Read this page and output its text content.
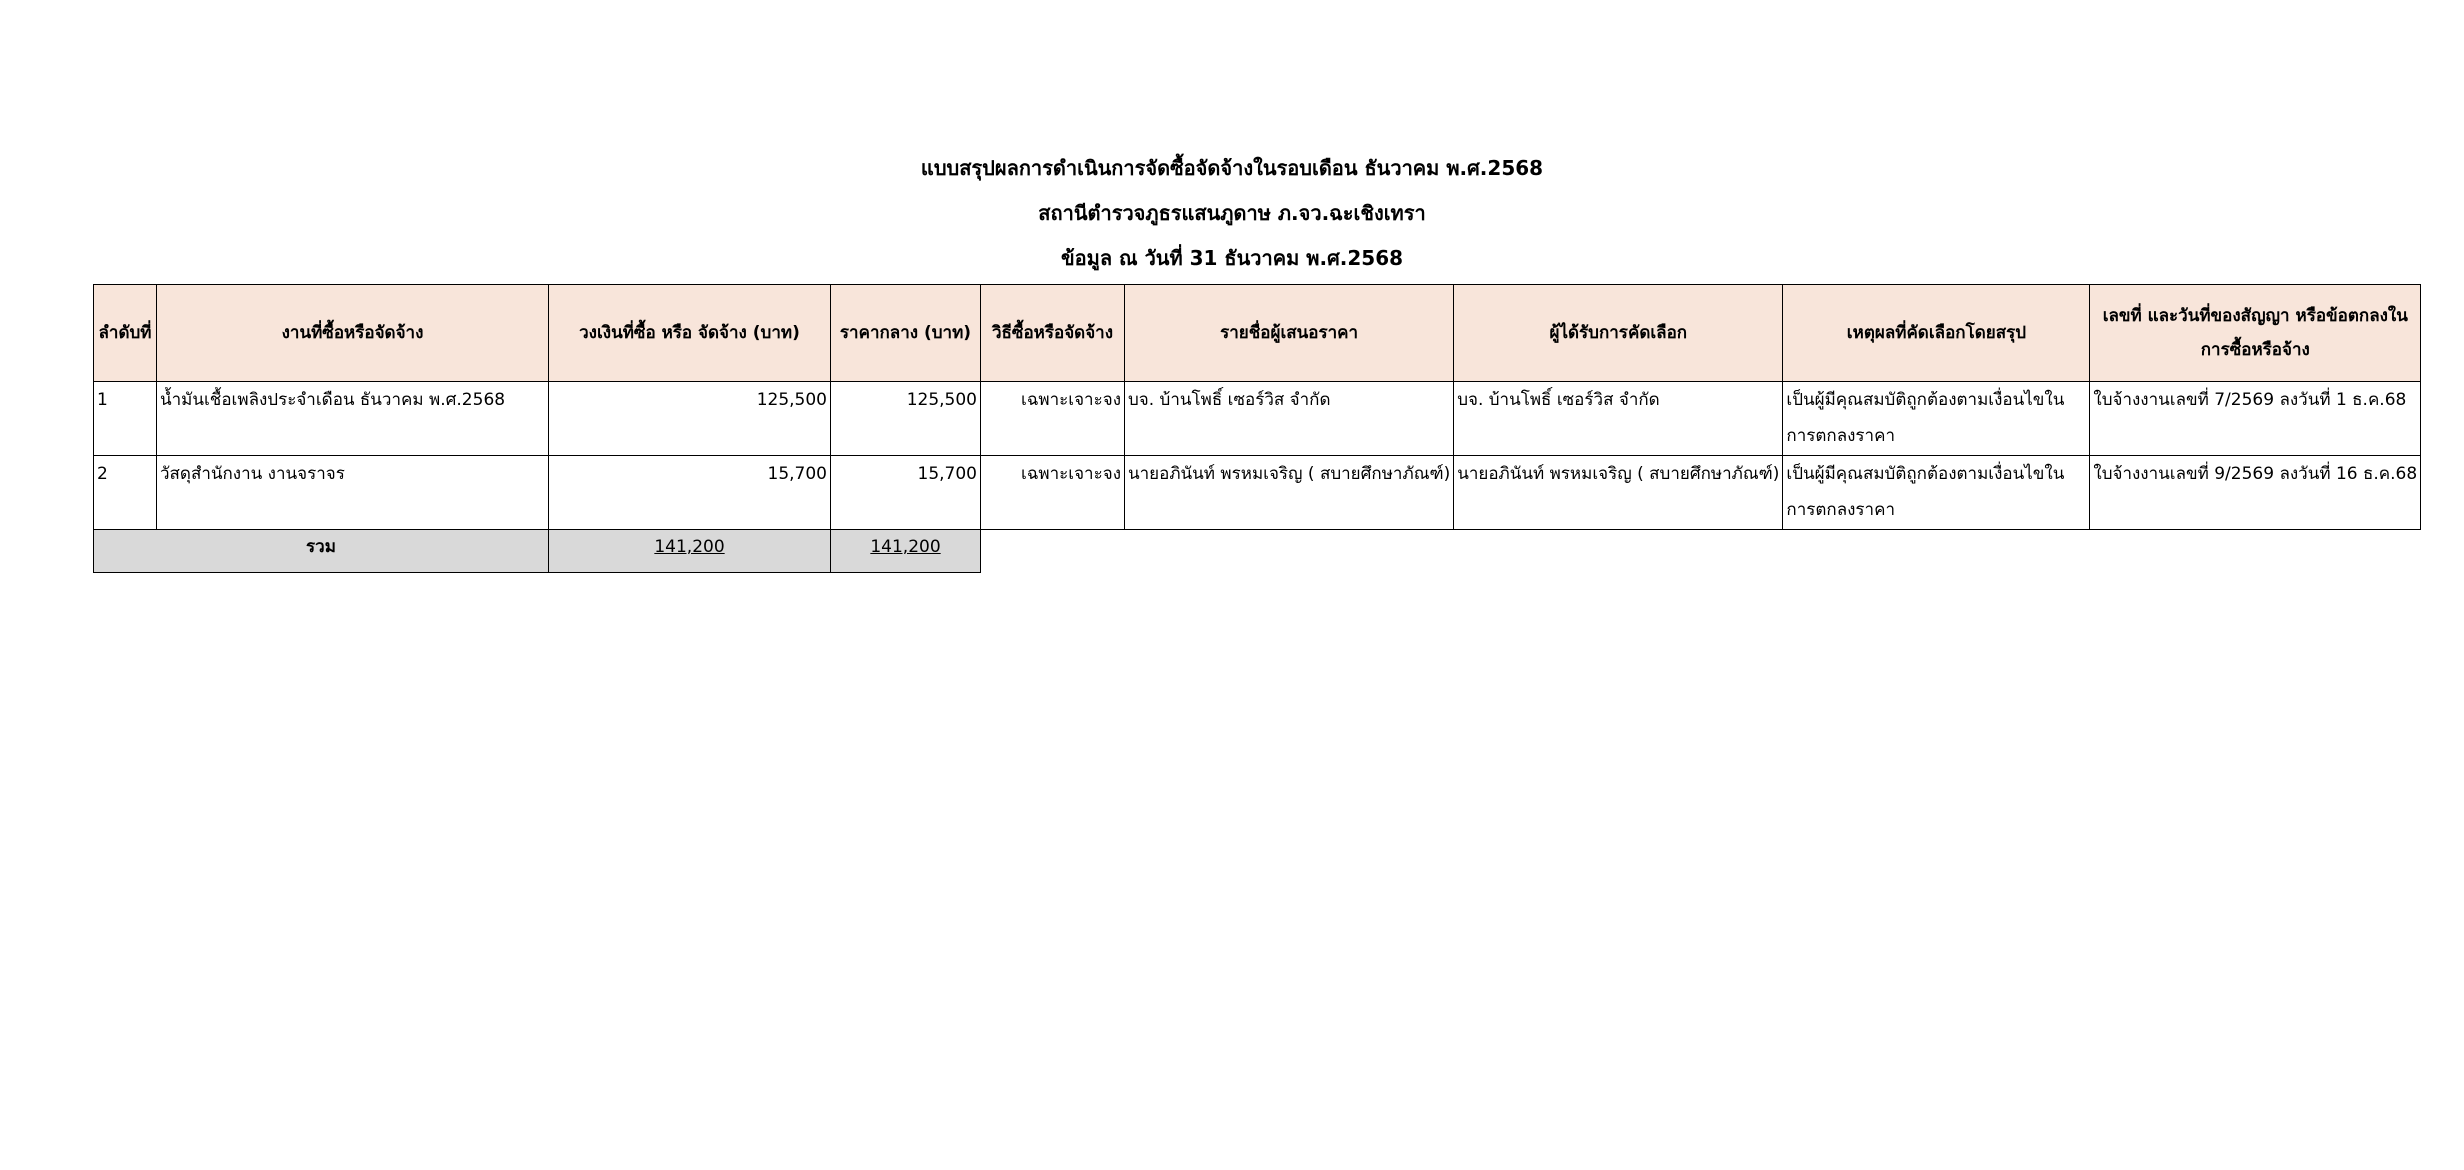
แบบสรุปผลการดำเนินการจัดซื้อจัดจ้างในรอบเดือน ธันวาคม พ.ศ.2568
สถานีตำรวจภูธรแสนภูดาษ ภ.จว.ฉะเชิงเทรา
ข้อมูล ณ วันที่ 31 ธันวาคม พ.ศ.2568
ลำดับที่	งานที่ซื้อหรือจัดจ้าง	วงเงินที่ซื้อ หรือ จัดจ้าง (บาท)	ราคากลาง (บาท)	วิธีซื้อหรือจัดจ้าง	รายชื่อผู้เสนอราคา	ผู้ได้รับการคัดเลือก	เหตุผลที่คัดเลือกโดยสรุป	เลขที่ และวันที่ของสัญญา หรือข้อตกลงในการซื้อหรือจ้าง
1	น้ำมันเชื้อเพลิงประจำเดือน ธันวาคม พ.ศ.2568	125,500	125,500	เฉพาะเจาะจง	บจ. บ้านโพธิ์ เซอร์วิส จำกัด	บจ. บ้านโพธิ์ เซอร์วิส จำกัด	เป็นผู้มีคุณสมบัติถูกต้องตามเงื่อนไขในการตกลงราคา	ใบจ้างงานเลขที่ 7/2569 ลงวันที่ 1 ธ.ค.68
2	วัสดุสำนักงาน งานจราจร	15,700	15,700	เฉพาะเจาะจง	นายอภินันท์ พรหมเจริญ ( สบายศึกษาภัณฑ์)	นายอภินันท์ พรหมเจริญ ( สบายศึกษาภัณฑ์)	เป็นผู้มีคุณสมบัติถูกต้องตามเงื่อนไขในการตกลงราคา	ใบจ้างงานเลขที่ 9/2569 ลงวันที่ 16 ธ.ค.68
รวม		141,200	141,200					
